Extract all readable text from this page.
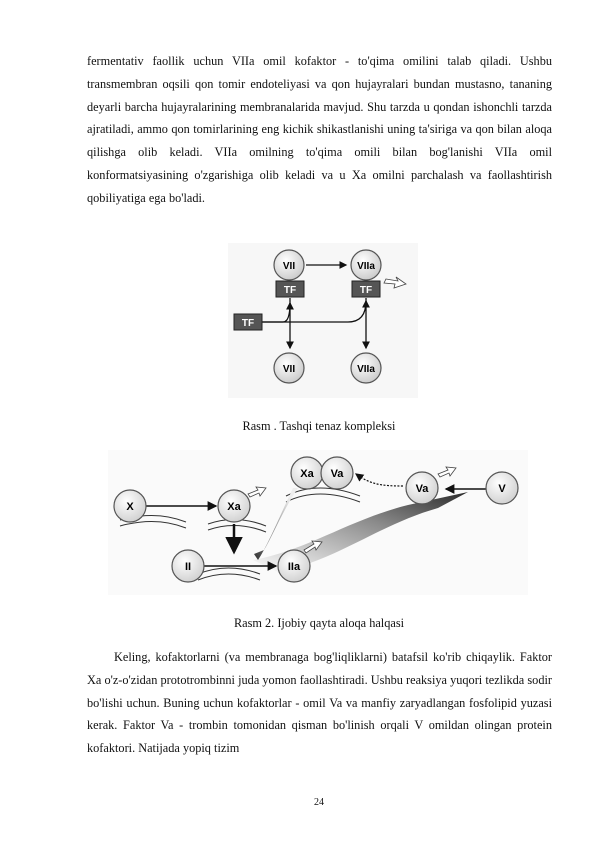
fermentativ faollik uchun VIIa omil kofaktor - to'qima omilini talab qiladi. Ushbu transmembran oqsili qon tomir endoteliyasi va qon hujayralari bundan mustasno, tananing deyarli barcha hujayralarining membranalarida mavjud. Shu tarzda u qondan ishonchli tarzda ajratiladi, ammo qon tomirlarining eng kichik shikastlanishi uning ta'siriga va qon bilan aloqa qilishga olib keladi. VIIa omilning to'qima omili bilan bog'lanishi VIIa omil konformatsiyasining o'zgarishiga olib keladi va u Xa omilni parchalash va faollashtirish qobiliyatiga ega bo'ladi.

VII	VIIa
VII	VIIa
TF	TF
TF
Rasm . Tashqi tenaz kompleksi
X	Xa
Xa Va
Va	V
II	IIa
Rasm 2. Ijobiy qayta aloqa halqasi

Keling, kofaktorlarni (va membranaga bog'liqliklarni) batafsil ko'rib chiqaylik. Faktor Xa o'z-o'zidan prototrombinni juda yomon faollashtiradi. Ushbu reaksiya yuqori tezlikda sodir bo'lishi uchun. Buning uchun kofaktorlar - omil Va va manfiy zaryadlangan fosfolipid yuzasi kerak. Faktor Va - trombin tomonidan qisman bo'linish orqali V omildan olingan protein kofaktori. Natijada yopiq tizim

24
